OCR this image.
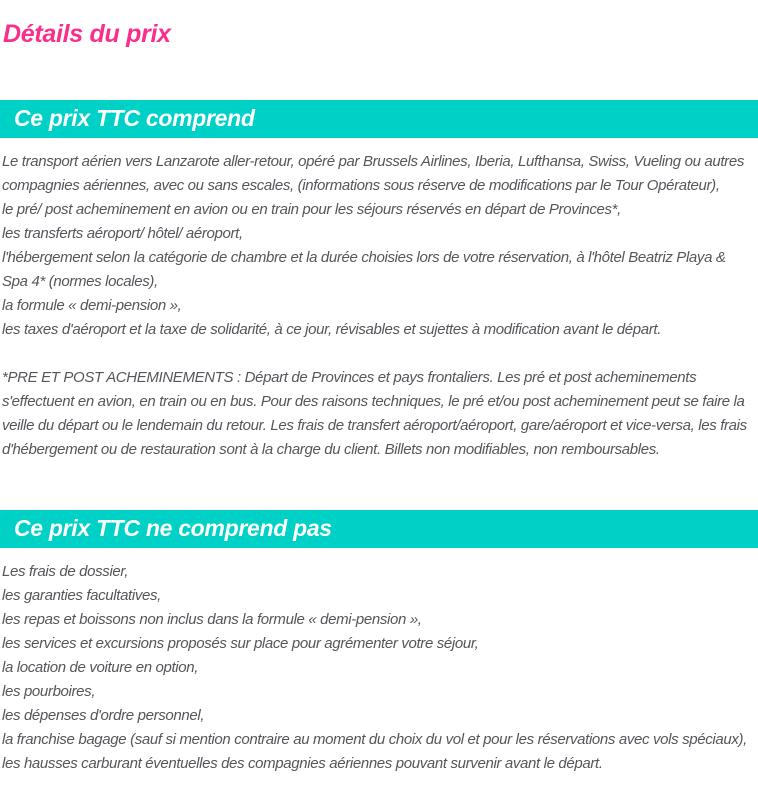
Détails du prix
Ce prix TTC comprend
Le transport aérien vers Lanzarote aller-retour, opéré par Brussels Airlines, Iberia, Lufthansa, Swiss, Vueling ou autres compagnies aériennes, avec ou sans escales, (informations sous réserve de modifications par le Tour Opérateur),
le pré/ post acheminement en avion ou en train pour les séjours réservés en départ de Provinces*,
les transferts aéroport/ hôtel/ aéroport,
l'hébergement selon la catégorie de chambre et la durée choisies lors de votre réservation, à l'hôtel Beatriz Playa & Spa 4* (normes locales),
la formule « demi-pension »,
les taxes d'aéroport et la taxe de solidarité, à ce jour, révisables et sujettes à modification avant le départ.
*PRE ET POST ACHEMINEMENTS : Départ de Provinces et pays frontaliers. Les pré et post acheminements s'effectuent en avion, en train ou en bus. Pour des raisons techniques, le pré et/ou post acheminement peut se faire la veille du départ ou le lendemain du retour. Les frais de transfert aéroport/aéroport, gare/aéroport et vice-versa, les frais d'hébergement ou de restauration sont à la charge du client. Billets non modifiables, non remboursables.
Ce prix TTC ne comprend pas
Les frais de dossier,
les garanties facultatives,
les repas et boissons non inclus dans la formule « demi-pension »,
les services et excursions proposés sur place pour agrémenter votre séjour,
la location de voiture en option,
les pourboires,
les dépenses d'ordre personnel,
la franchise bagage (sauf si mention contraire au moment du choix du vol et pour les réservations avec vols spéciaux),
les hausses carburant éventuelles des compagnies aériennes pouvant survenir avant le départ.
